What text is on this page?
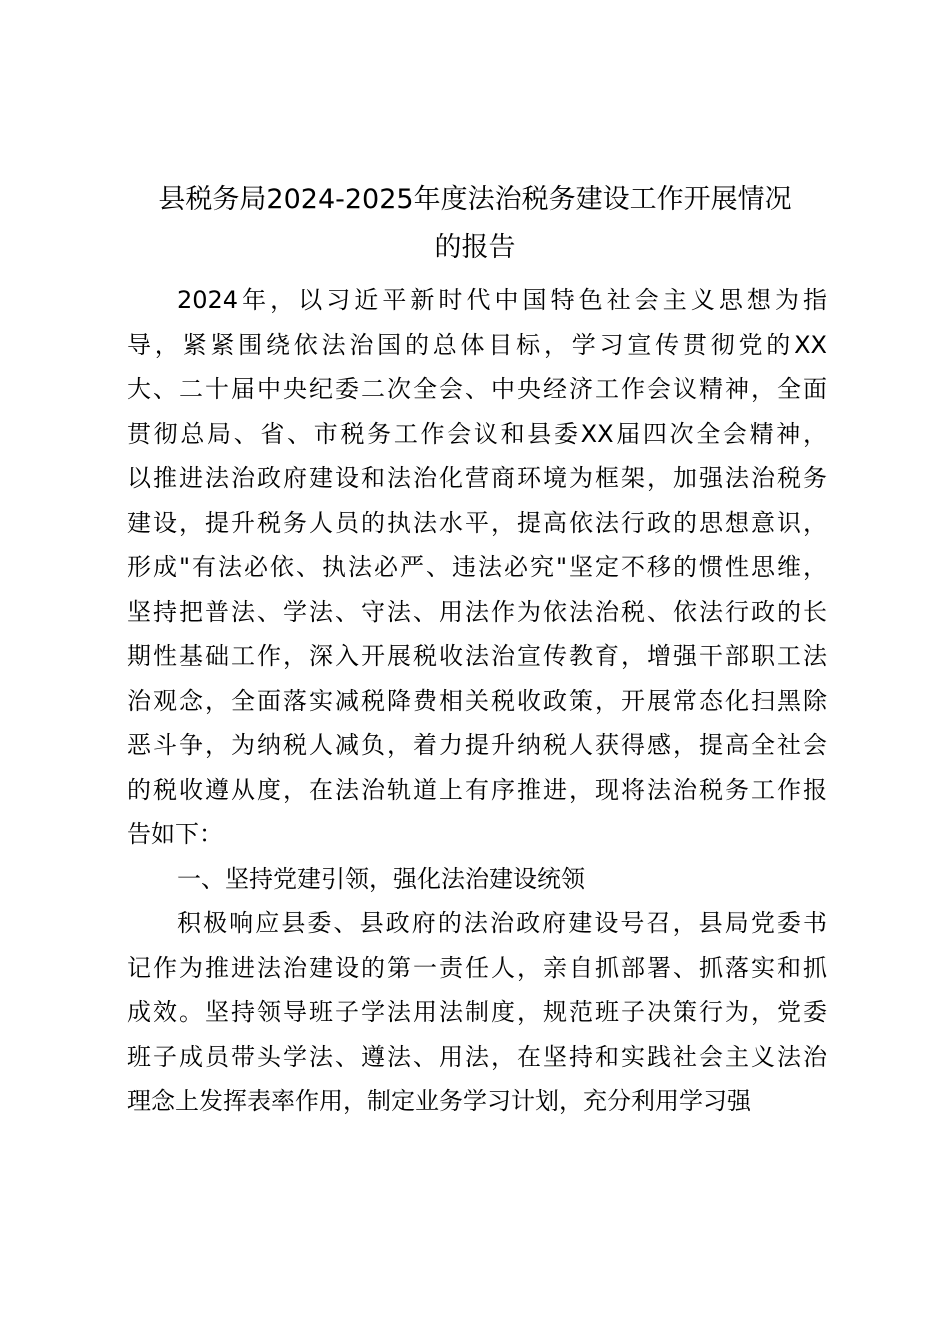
县税务局2024-2025年度法治税务建设工作开展情况
的报告
2024年，以习近平新时代中国特色社会主义思想为指
导，紧紧围绕依法治国的总体目标，学习宣传贯彻党的XX
大、二十届中央纪委二次全会、中央经济工作会议精神，全面
贯彻总局、省、市税务工作会议和县委XX届四次全会精神，
以推进法治政府建设和法治化营商环境为框架，加强法治税务
建设，提升税务人员的执法水平，提高依法行政的思想意识，
形成"有法必依、执法必严、违法必究"坚定不移的惯性思维，
坚持把普法、学法、守法、用法作为依法治税、依法行政的长
期性基础工作，深入开展税收法治宣传教育，增强干部职工法
治观念，全面落实减税降费相关税收政策，开展常态化扫黑除
恶斗争，为纳税人减负，着力提升纳税人获得感，提高全社会
的税收遵从度，在法治轨道上有序推进，现将法治税务工作报
告如下：
一、坚持党建引领，强化法治建设统领
积极响应县委、县政府的法治政府建设号召，县局党委书
记作为推进法治建设的第一责任人，亲自抓部署、抓落实和抓
成效。坚持领导班子学法用法制度，规范班子决策行为，党委
班子成员带头学法、遵法、用法，在坚持和实践社会主义法治
理念上发挥表率作用，制定业务学习计划，充分利用学习强
